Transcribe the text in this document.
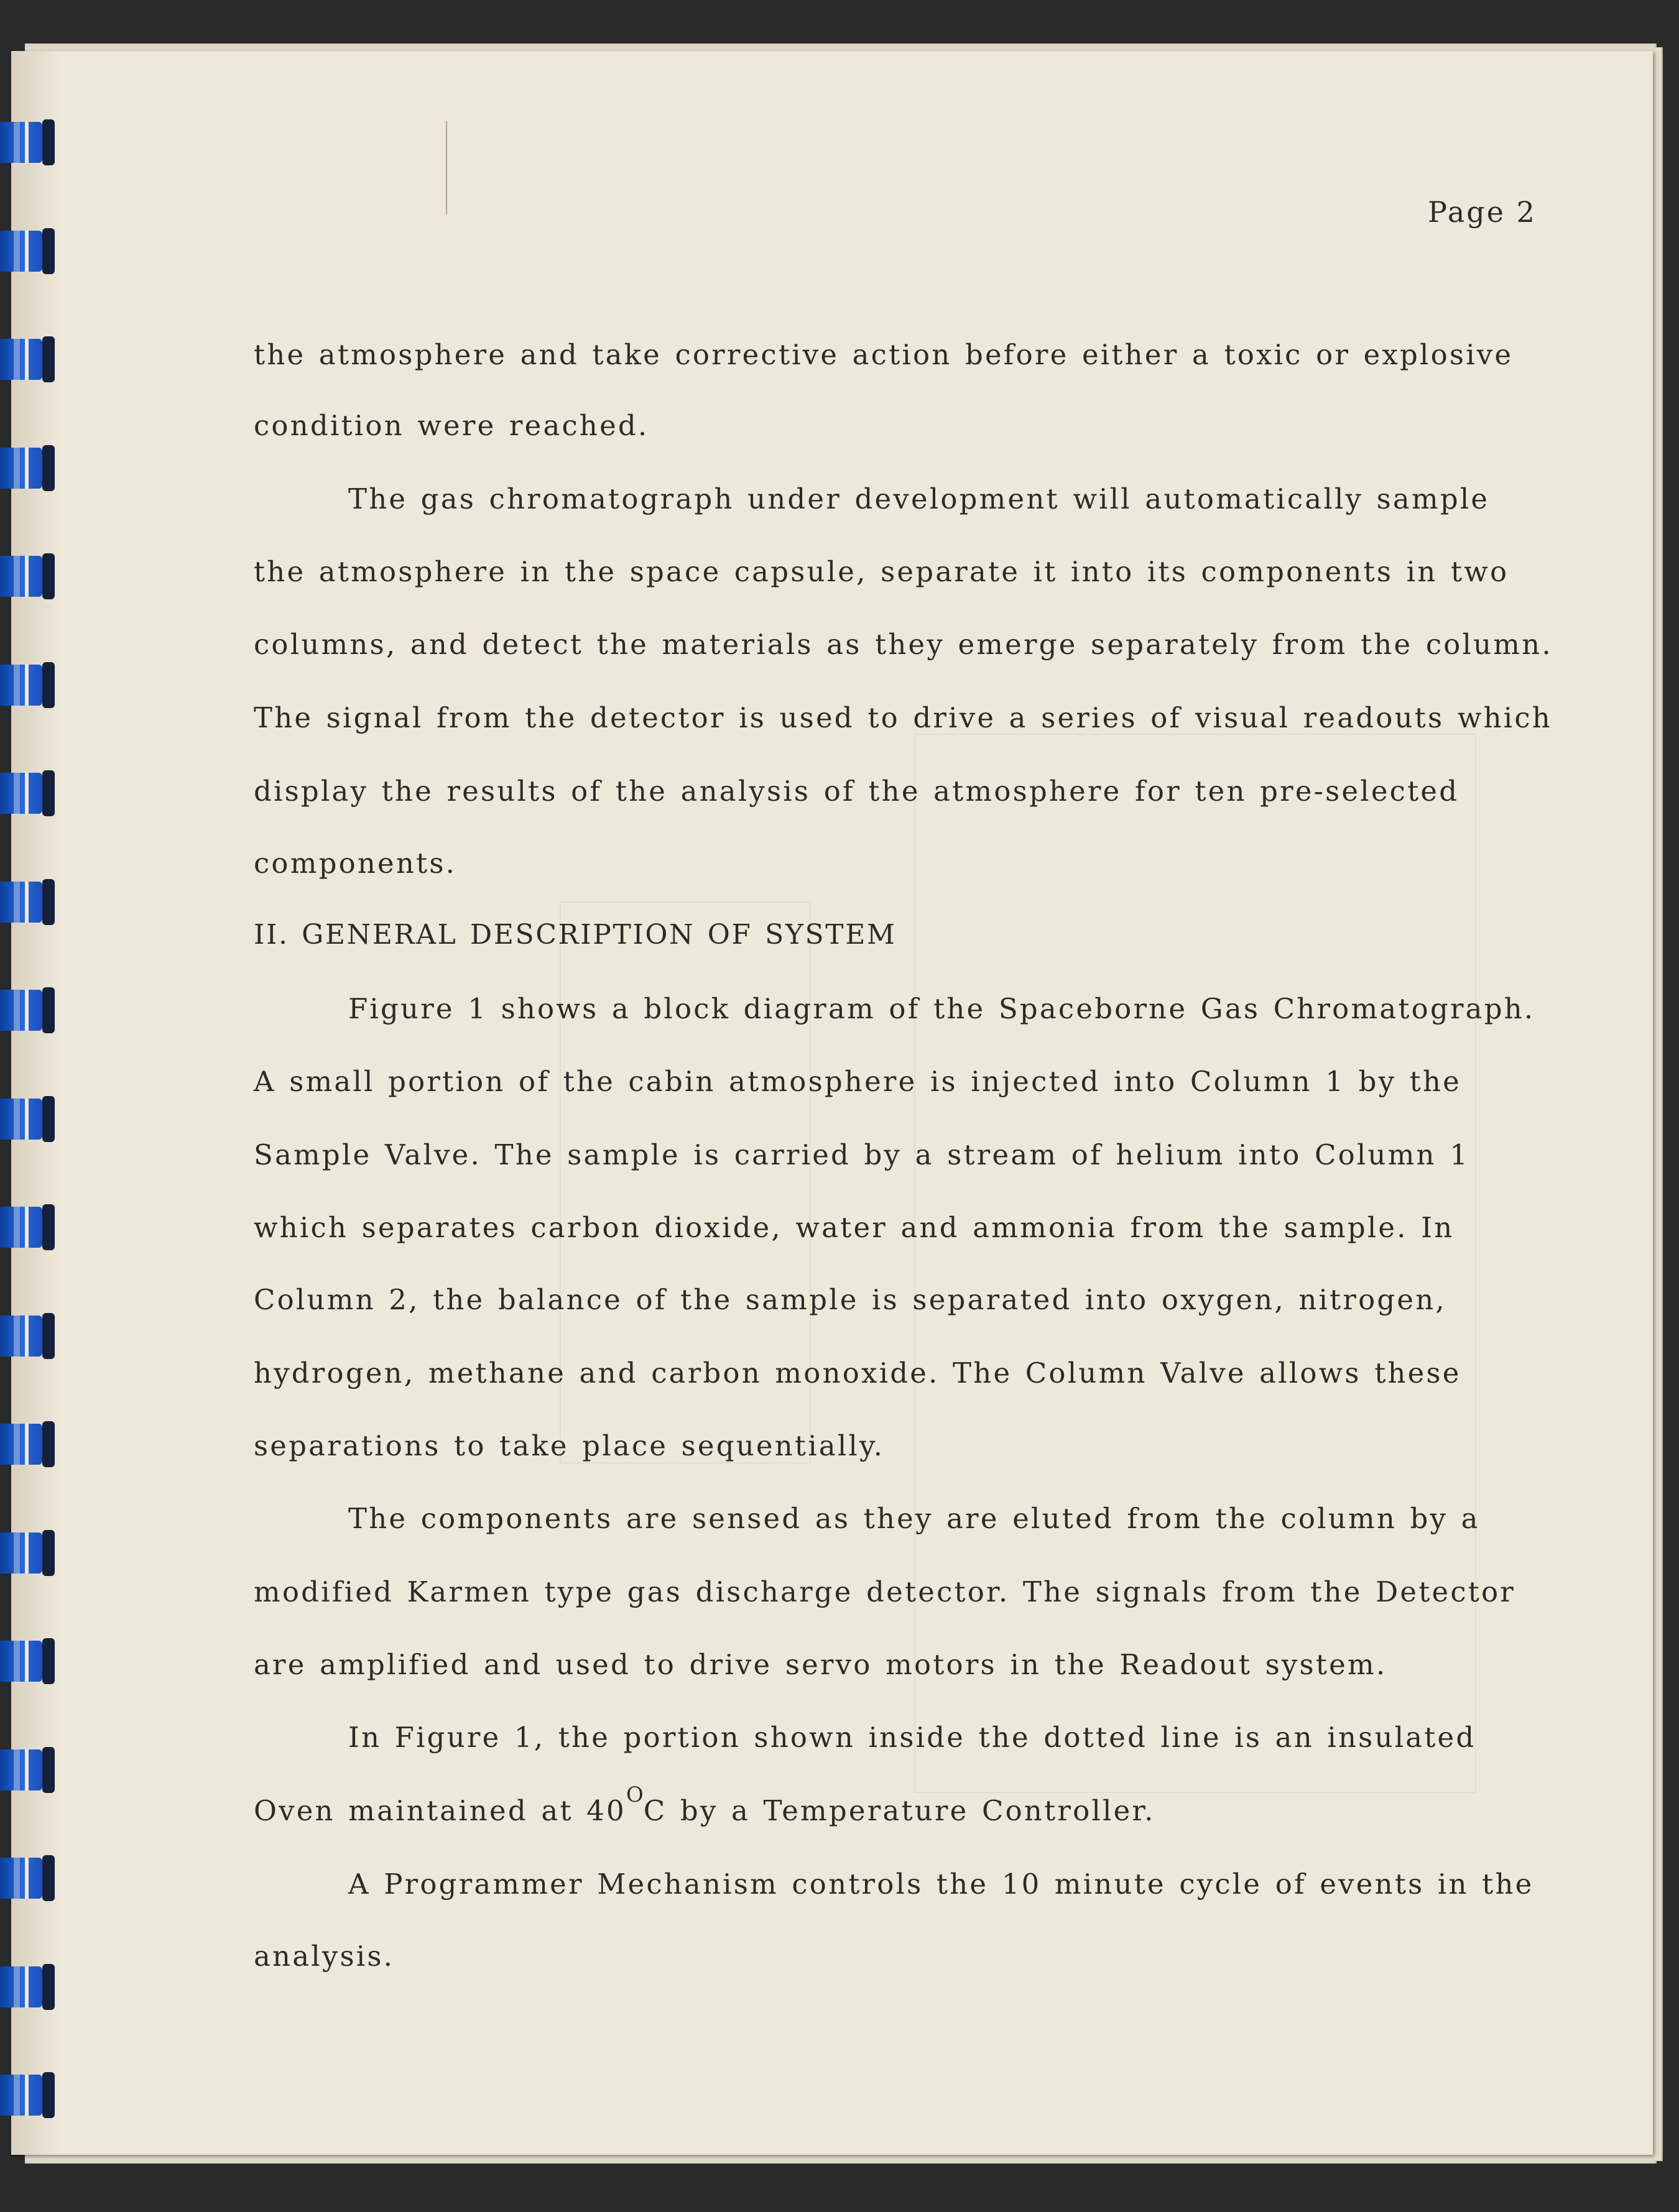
Page 2
the atmosphere and take corrective action before either a toxic or explosive
condition were reached.
The gas chromatograph under development will automatically sample
the atmosphere in the space capsule, separate it into its components in two
columns, and detect the materials as they emerge separately from the column.
The signal from the detector is used to drive a series of visual readouts which
display the results of the analysis of the atmosphere for ten pre-selected
components.
II. GENERAL DESCRIPTION OF SYSTEM
Figure 1 shows a block diagram of the Spaceborne Gas Chromatograph.
A small portion of the cabin atmosphere is injected into Column 1 by the
Sample Valve. The sample is carried by a stream of helium into Column 1
which separates carbon dioxide, water and ammonia from the sample. In
Column 2, the balance of the sample is separated into oxygen, nitrogen,
hydrogen, methane and carbon monoxide. The Column Valve allows these
separations to take place sequentially.
The components are sensed as they are eluted from the column by a
modified Karmen type gas discharge detector. The signals from the Detector
are amplified and used to drive servo motors in the Readout system.
In Figure 1, the portion shown inside the dotted line is an insulated
Oven maintained at $40^OC$ by a Temperature Controller.
A Programmer Mechanism controls the 10 minute cycle of events in the
analysis.
